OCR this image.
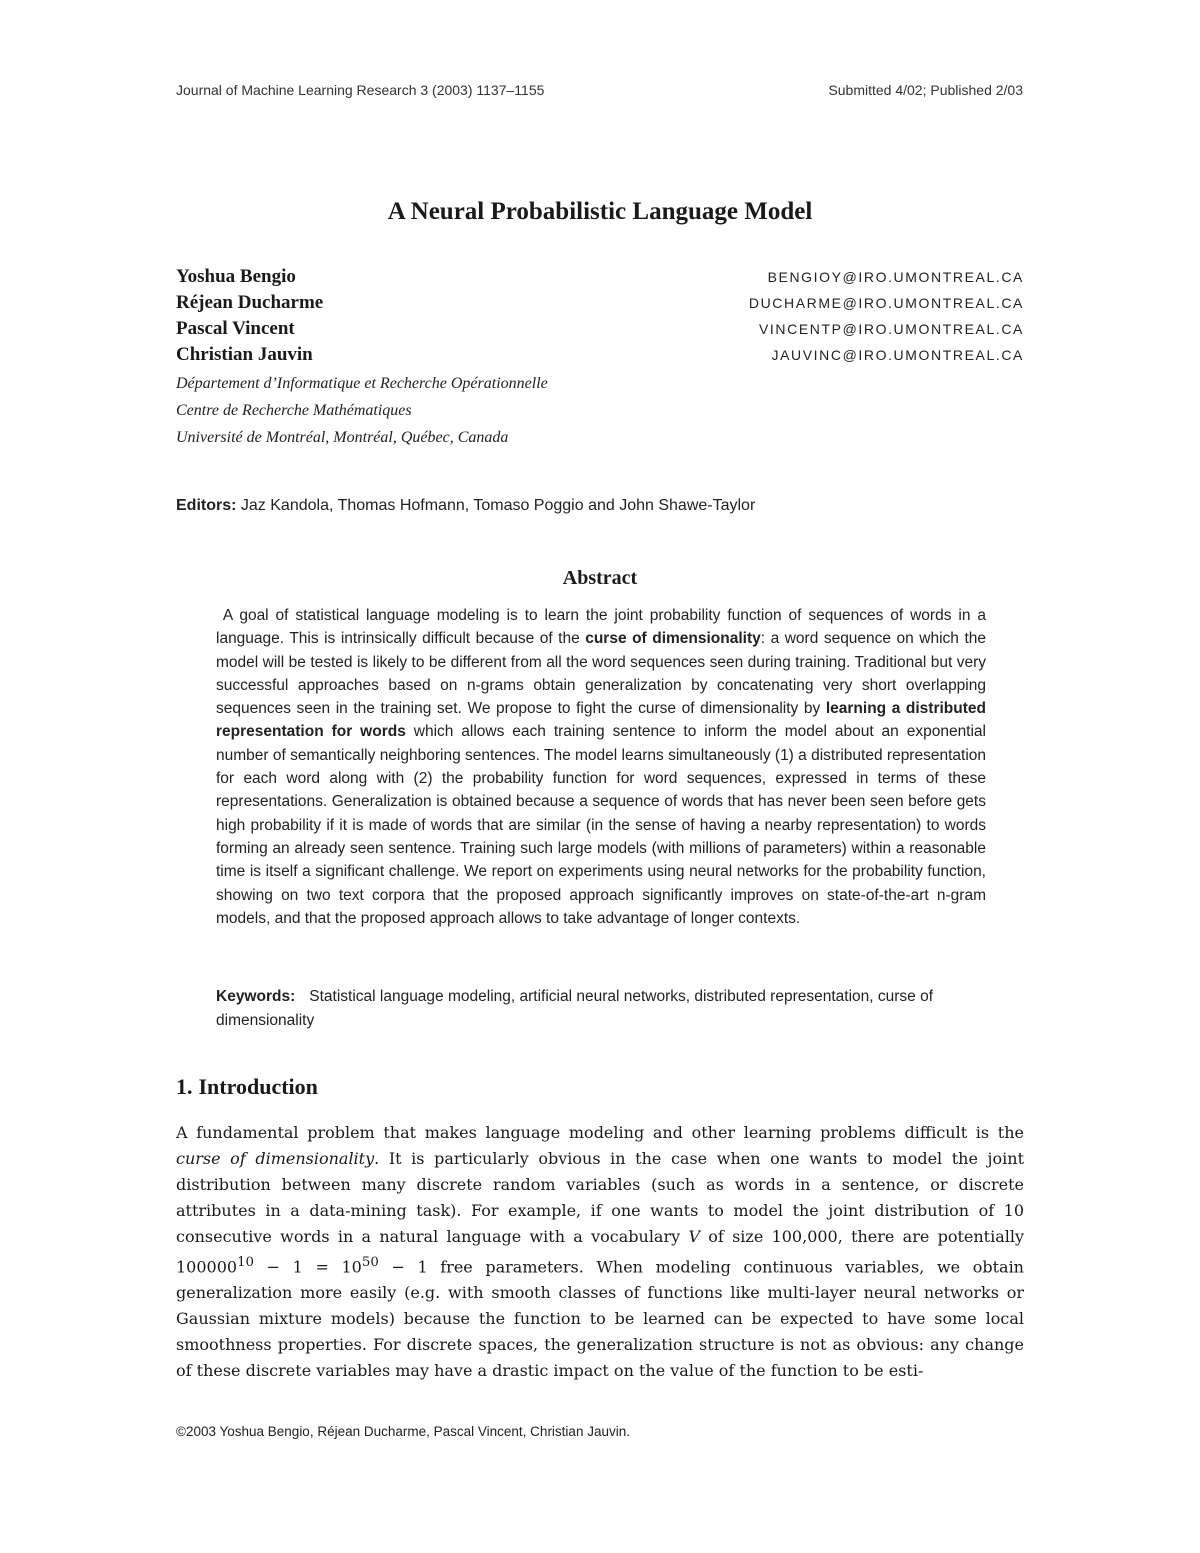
Journal of Machine Learning Research 3 (2003) 1137–1155	Submitted 4/02; Published 2/03
A Neural Probabilistic Language Model
Yoshua Bengio	BENGIOY@IRO.UMONTREAL.CA
Réjean Ducharme	DUCHARME@IRO.UMONTREAL.CA
Pascal Vincent	VINCENTP@IRO.UMONTREAL.CA
Christian Jauvin	JAUVINC@IRO.UMONTREAL.CA
Département d’Informatique et Recherche Opérationnelle
Centre de Recherche Mathématiques
Université de Montréal, Montréal, Québec, Canada
Editors: Jaz Kandola, Thomas Hofmann, Tomaso Poggio and John Shawe-Taylor
Abstract
A goal of statistical language modeling is to learn the joint probability function of sequences of words in a language. This is intrinsically difficult because of the curse of dimensionality: a word sequence on which the model will be tested is likely to be different from all the word sequences seen during training. Traditional but very successful approaches based on n-grams obtain generalization by concatenating very short overlapping sequences seen in the training set. We propose to fight the curse of dimensionality by learning a distributed representation for words which allows each training sentence to inform the model about an exponential number of semantically neighboring sentences. The model learns simultaneously (1) a distributed representation for each word along with (2) the probability function for word sequences, expressed in terms of these representations. Generalization is obtained because a sequence of words that has never been seen before gets high probability if it is made of words that are similar (in the sense of having a nearby representation) to words forming an already seen sentence. Training such large models (with millions of parameters) within a reasonable time is itself a significant challenge. We report on experiments using neural networks for the probability function, showing on two text corpora that the proposed approach significantly improves on state-of-the-art n-gram models, and that the proposed approach allows to take advantage of longer contexts.
Keywords: Statistical language modeling, artificial neural networks, distributed representation, curse of dimensionality
1. Introduction
A fundamental problem that makes language modeling and other learning problems difficult is the curse of dimensionality. It is particularly obvious in the case when one wants to model the joint distribution between many discrete random variables (such as words in a sentence, or discrete attributes in a data-mining task). For example, if one wants to model the joint distribution of 10 consecutive words in a natural language with a vocabulary V of size 100,000, there are potentially $100000^{10} - 1 = 10^{50} - 1$ free parameters. When modeling continuous variables, we obtain generalization more easily (e.g. with smooth classes of functions like multi-layer neural networks or Gaussian mixture models) because the function to be learned can be expected to have some local smoothness properties. For discrete spaces, the generalization structure is not as obvious: any change of these discrete variables may have a drastic impact on the value of the function to be esti-
©2003 Yoshua Bengio, Réjean Ducharme, Pascal Vincent, Christian Jauvin.
